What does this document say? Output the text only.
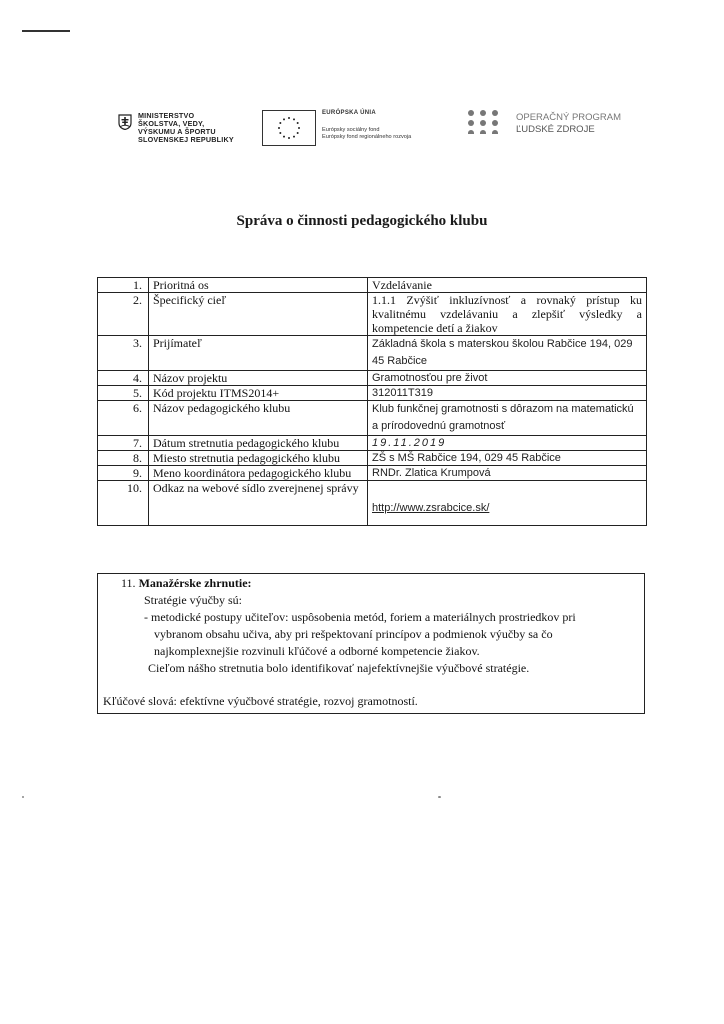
MINISTERSTVO
ŠKOLSTVA, VEDY,
VÝSKUMU A ŠPORTU
SLOVENSKEJ REPUBLIKY
EURÓPSKA ÚNIA
Európsky sociálny fond
Európsky fond regionálneho rozvoja
OPERAČNÝ PROGRAM
ĽUDSKÉ ZDROJE
Správa o činnosti pedagogického klubu
1.	Prioritná os	Vzdelávanie
2.	Špecifický cieľ	1.1.1 Zvýšiť inkluzívnosť a rovnaký prístup ku kvalitnému vzdelávaniu a zlepšiť výsledky a kompetencie detí a žiakov
3.	Prijímateľ	Základná škola s materskou školou Rabčice 194, 029 45 Rabčice
4.	Názov projektu	Gramotnosťou pre život
5.	Kód projektu ITMS2014+	312011T319
6.	Názov pedagogického klubu	Klub funkčnej gramotnosti s dôrazom na matematickú a prírodovednú gramotnosť
7.	Dátum stretnutia pedagogického klubu	19.11.2019
8.	Miesto stretnutia pedagogického klubu	ZŠ s MŠ Rabčice 194, 029 45 Rabčice
9.	Meno koordinátora pedagogického klubu	RNDr. Zlatica Krumpová
10.	Odkaz na webové sídlo zverejnenej správy	http://www.zsrabcice.sk/
11. Manažérske zhrnutie:
Stratégie výučby sú:
- metodické postupy učiteľov: uspôsobenia metód, foriem a materiálnych prostriedkov pri
vybranom obsahu učiva, aby pri rešpektovaní princípov a podmienok výučby sa čo
najkomplexnejšie rozvinuli kľúčové a odborné kompetencie žiakov.
Cieľom nášho stretnutia bolo identifikovať najefektívnejšie výučbové stratégie.
Kľúčové slová: efektívne výučbové stratégie, rozvoj gramotností.
